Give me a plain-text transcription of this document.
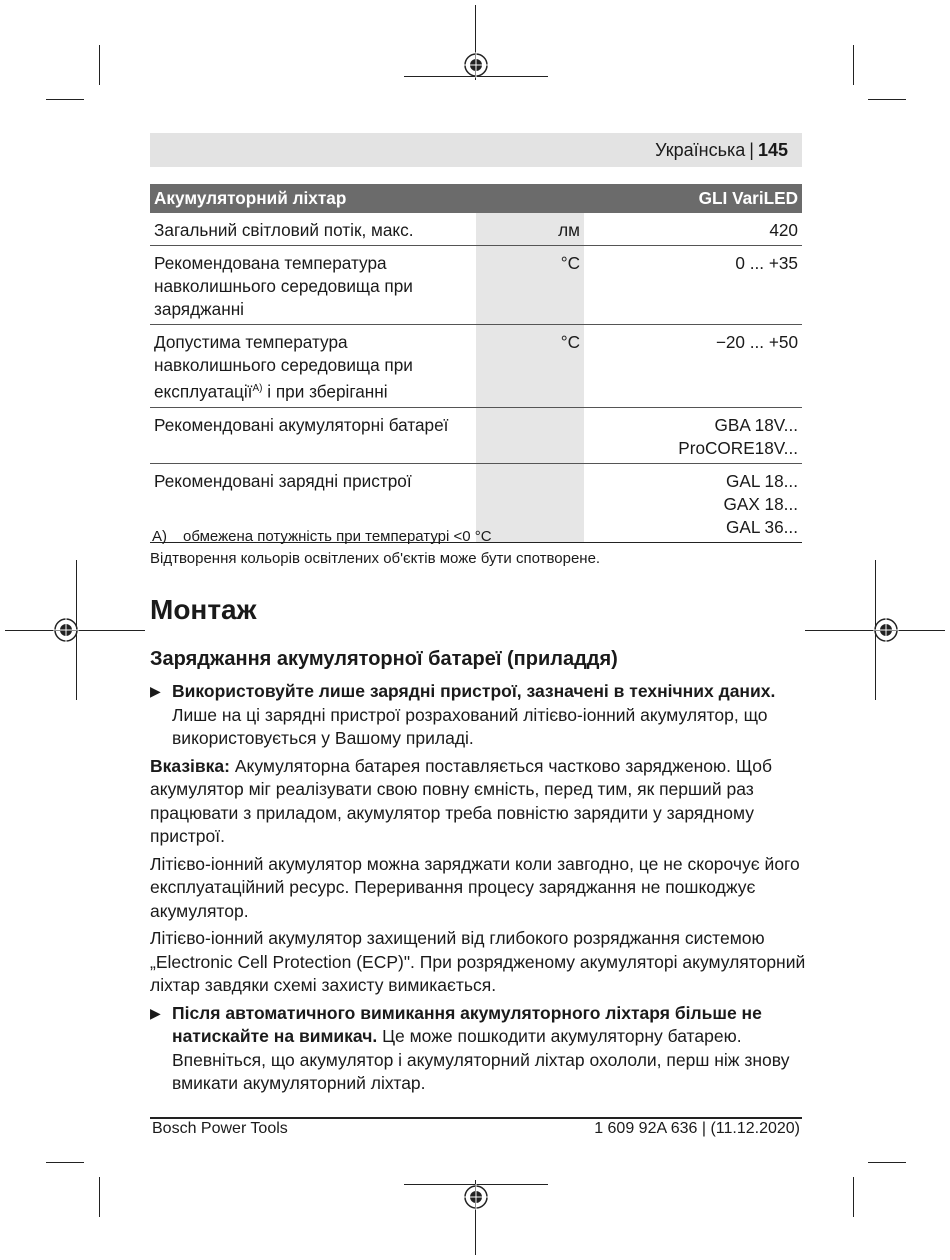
Українська | 145
Акумуляторний ліхтар		GLI VariLED
Загальний світловий потік, макс.	лм	420
Рекомендована температура навколишнього середовища при заряджанні	°C	0 ... +35
Допустима температура навколишнього середовища при експлуатації$^{A)}$ і при зберіганні	°C	−20 ... +50
Рекомендовані акумуляторні батареї		GBA 18V...
ProCORE18V...

Рекомендовані зарядні пристрої		GAL 18...
GAX 18...
GAL 36...
A) обмежена потужність при температурі <0 °C
Відтворення кольорів освітлених об'єктів може бути спотворене.
Монтаж
Заряджання акумуляторної батареї (приладдя)

▶ Використовуйте лише зарядні пристрої, зазначені в технічних даних. Лише на ці зарядні пристрої розрахований літієво-іонний акумулятор, що використовується у Вашому приладі.

Вказівка: Акумуляторна батарея поставляється частково зарядженою. Щоб акумулятор міг реалізувати свою повну ємність, перед тим, як перший раз працювати з приладом, акумулятор треба повністю зарядити у зарядному пристрої.

Літієво-іонний акумулятор можна заряджати коли завгодно, це не скорочує його експлуатаційний ресурс. Переривання процесу заряджання не пошкоджує акумулятор.

Літієво-іонний акумулятор захищений від глибокого розряджання системою „Electronic Cell Protection (ECP)". При розрядженому акумуляторі акумуляторний ліхтар завдяки схемі захисту вимикається.

▶ Після автоматичного вимикання акумуляторного ліхтаря більше не натискайте на вимикач. Це може пошкодити акумуляторну батарею. Впевніться, що акумулятор і акумуляторний ліхтар охололи, перш ніж знову вмикати акумуляторний ліхтар.

Bosch Power Tools	1 609 92A 636 | (11.12.2020)
